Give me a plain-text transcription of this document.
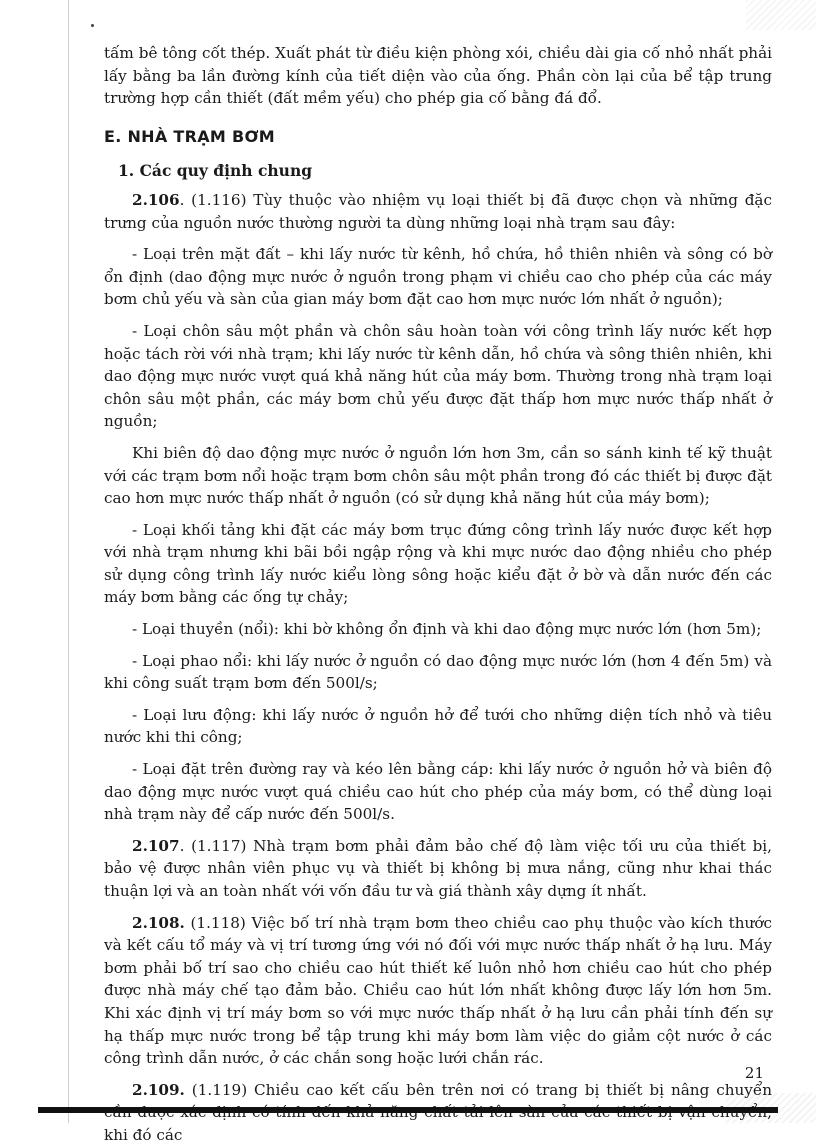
tấm bê tông cốt thép. Xuất phát từ điều kiện phòng xói, chiều dài gia cố nhỏ nhất phải lấy bằng ba lần đường kính của tiết diện vào của ống. Phần còn lại của bể tập trung trường hợp cần thiết (đất mềm yếu) cho phép gia cố bằng đá đổ.

E. NHÀ TRẠM BƠM
1. Các quy định chung

2.106. (1.116) Tùy thuộc vào nhiệm vụ loại thiết bị đã được chọn và những đặc trưng của nguồn nước thường người ta dùng những loại nhà trạm sau đây:

- Loại trên mặt đất – khi lấy nước từ kênh, hồ chứa, hồ thiên nhiên và sông có bờ ổn định (dao động mực nước ở nguồn trong phạm vi chiều cao cho phép của các máy bơm chủ yếu và sàn của gian máy bơm đặt cao hơn mực nước lớn nhất ở nguồn);

- Loại chôn sâu một phần và chôn sâu hoàn toàn với công trình lấy nước kết hợp hoặc tách rời với nhà trạm; khi lấy nước từ kênh dẫn, hồ chứa và sông thiên nhiên, khi dao động mực nước vượt quá khả năng hút của máy bơm. Thường trong nhà trạm loại chôn sâu một phần, các máy bơm chủ yếu được đặt thấp hơn mực nước thấp nhất ở nguồn;

Khi biên độ dao động mực nước ở nguồn lớn hơn 3m, cần so sánh kinh tế kỹ thuật với các trạm bơm nổi hoặc trạm bơm chôn sâu một phần trong đó các thiết bị được đặt cao hơn mực nước thấp nhất ở nguồn (có sử dụng khả năng hút của máy bơm);

- Loại khối tảng khi đặt các máy bơm trục đứng công trình lấy nước được kết hợp với nhà trạm nhưng khi bãi bồi ngập rộng và khi mực nước dao động nhiều cho phép sử dụng công trình lấy nước kiểu lòng sông hoặc kiểu đặt ở bờ và dẫn nước đến các máy bơm bằng các ống tự chảy;

- Loại thuyền (nổi): khi bờ không ổn định và khi dao động mực nước lớn (hơn 5m);

- Loại phao nổi: khi lấy nước ở nguồn có dao động mực nước lớn (hơn 4 đến 5m) và khi công suất trạm bơm đến 500l/s;

- Loại lưu động: khi lấy nước ở nguồn hở để tưới cho những diện tích nhỏ và tiêu nước khi thi công;

- Loại đặt trên đường ray và kéo lên bằng cáp: khi lấy nước ở nguồn hở và biên độ dao động mực nước vượt quá chiều cao hút cho phép của máy bơm, có thể dùng loại nhà trạm này để cấp nước đến 500l/s.

2.107. (1.117) Nhà trạm bơm phải đảm bảo chế độ làm việc tối ưu của thiết bị, bảo vệ được nhân viên phục vụ và thiết bị không bị mưa nắng, cũng như khai thác thuận lợi và an toàn nhất với vốn đầu tư và giá thành xây dựng ít nhất.

2.108. (1.118) Việc bố trí nhà trạm bơm theo chiều cao phụ thuộc vào kích thước và kết cấu tổ máy và vị trí tương ứng với nó đối với mực nước thấp nhất ở hạ lưu. Máy bơm phải bố trí sao cho chiều cao hút thiết kế luôn nhỏ hơn chiều cao hút cho phép được nhà máy chế tạo đảm bảo. Chiều cao hút lớn nhất không được lấy lớn hơn 5m. Khi xác định vị trí máy bơm so với mực nước thấp nhất ở hạ lưu cần phải tính đến sự hạ thấp mực nước trong bể tập trung khi máy bơm làm việc do giảm cột nước ở các công trình dẫn nước, ở các chắn song hoặc lưới chắn rác.

2.109. (1.119) Chiều cao kết cấu bên trên nơi có trang bị thiết bị nâng chuyển khi đó các

21
